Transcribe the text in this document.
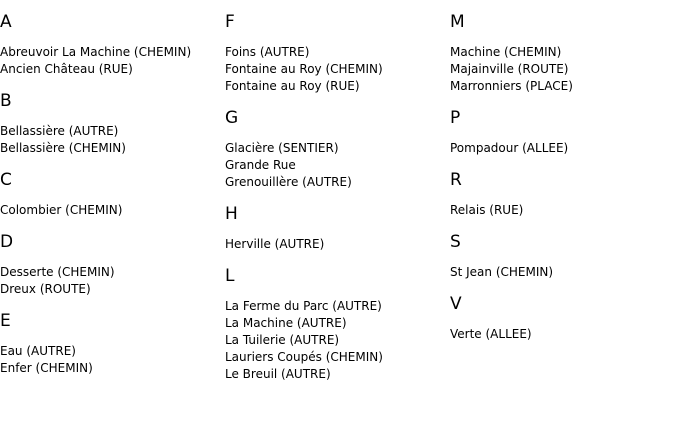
A
Abreuvoir La Machine (CHEMIN)
Ancien Château (RUE)
B
Bellassière (AUTRE)
Bellassière (CHEMIN)
C
Colombier (CHEMIN)
D
Desserte (CHEMIN)
Dreux (ROUTE)
E
Eau (AUTRE)
Enfer (CHEMIN)
F
Foins (AUTRE)
Fontaine au Roy (CHEMIN)
Fontaine au Roy (RUE)
G
Glacière (SENTIER)
Grande Rue
Grenouillère (AUTRE)
H
Herville (AUTRE)
L
La Ferme du Parc (AUTRE)
La Machine (AUTRE)
La Tuilerie (AUTRE)
Lauriers Coupés (CHEMIN)
Le Breuil (AUTRE)
M
Machine (CHEMIN)
Majainville (ROUTE)
Marronniers (PLACE)
P
Pompadour (ALLEE)
R
Relais (RUE)
S
St Jean (CHEMIN)
V
Verte (ALLEE)
